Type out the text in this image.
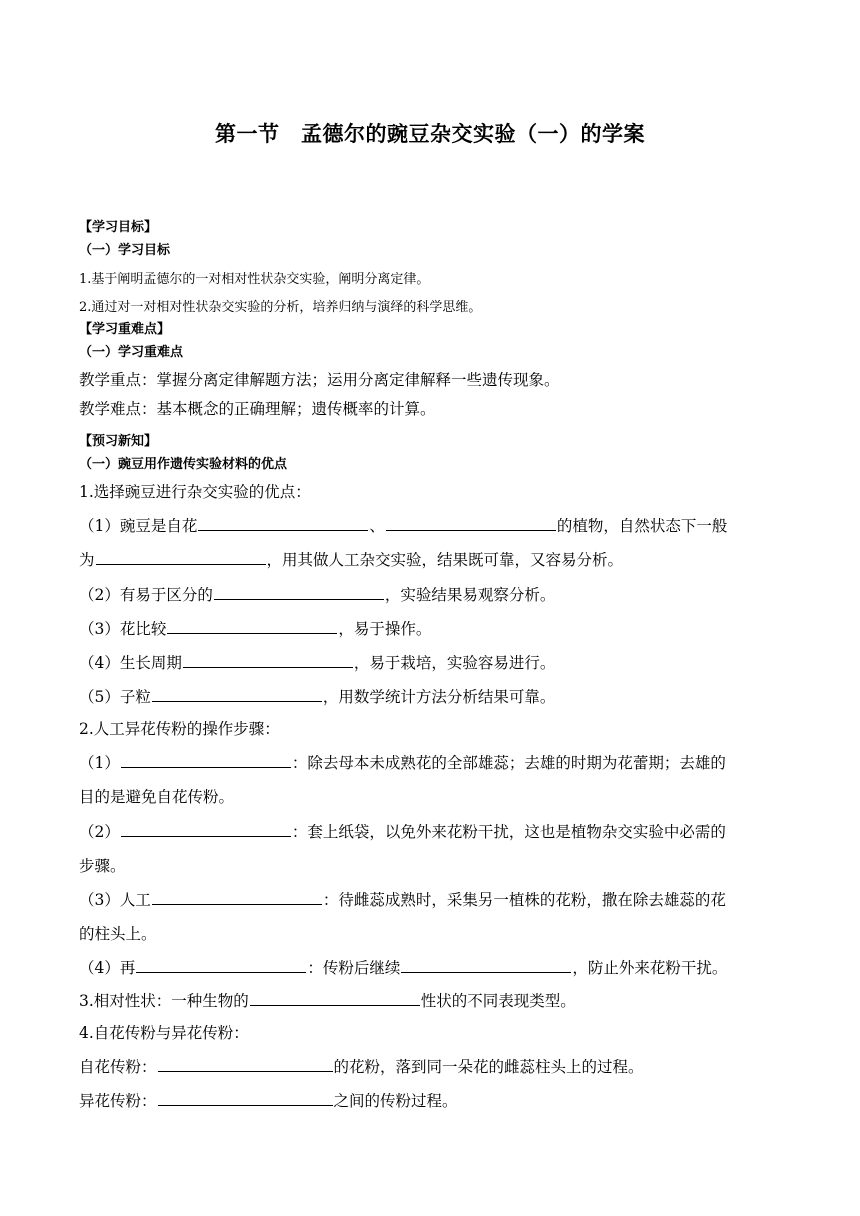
第一节　孟德尔的豌豆杂交实验（一）的学案
【学习目标】
（一）学习目标
1.基于阐明孟德尔的一对相对性状杂交实验，阐明分离定律。
2.通过对一对相对性状杂交实验的分析，培养归纳与演绎的科学思维。
【学习重难点】
（一）学习重难点
教学重点：掌握分离定律解题方法；运用分离定律解释一些遗传现象。
教学难点：基本概念的正确理解；遗传概率的计算。
【预习新知】
（一）豌豆用作遗传实验材料的优点
1.选择豌豆进行杂交实验的优点：
（1）豌豆是自花	、	的植物，自然状态下一般
为	，用其做人工杂交实验，结果既可靠，又容易分析。
（2）有易于区分的	，实验结果易观察分析。
（3）花比较	，易于操作。
（4）生长周期	，易于栽培，实验容易进行。
（5）子粒	，用数学统计方法分析结果可靠。
2.人工异花传粉的操作步骤：
（1）	：除去母本未成熟花的全部雄蕊；去雄的时期为花蕾期；去雄的
目的是避免自花传粉。
（2）	：套上纸袋，以免外来花粉干扰，这也是植物杂交实验中必需的
步骤。
（3）人工	：待雌蕊成熟时，采集另一植株的花粉，撒在除去雄蕊的花
的柱头上。
（4）再	：传粉后继续	，防止外来花粉干扰。
3.相对性状：一种生物的	性状的不同表现类型。
4.自花传粉与异花传粉：
自花传粉：	的花粉，落到同一朵花的雌蕊柱头上的过程。
异花传粉：	之间的传粉过程。
